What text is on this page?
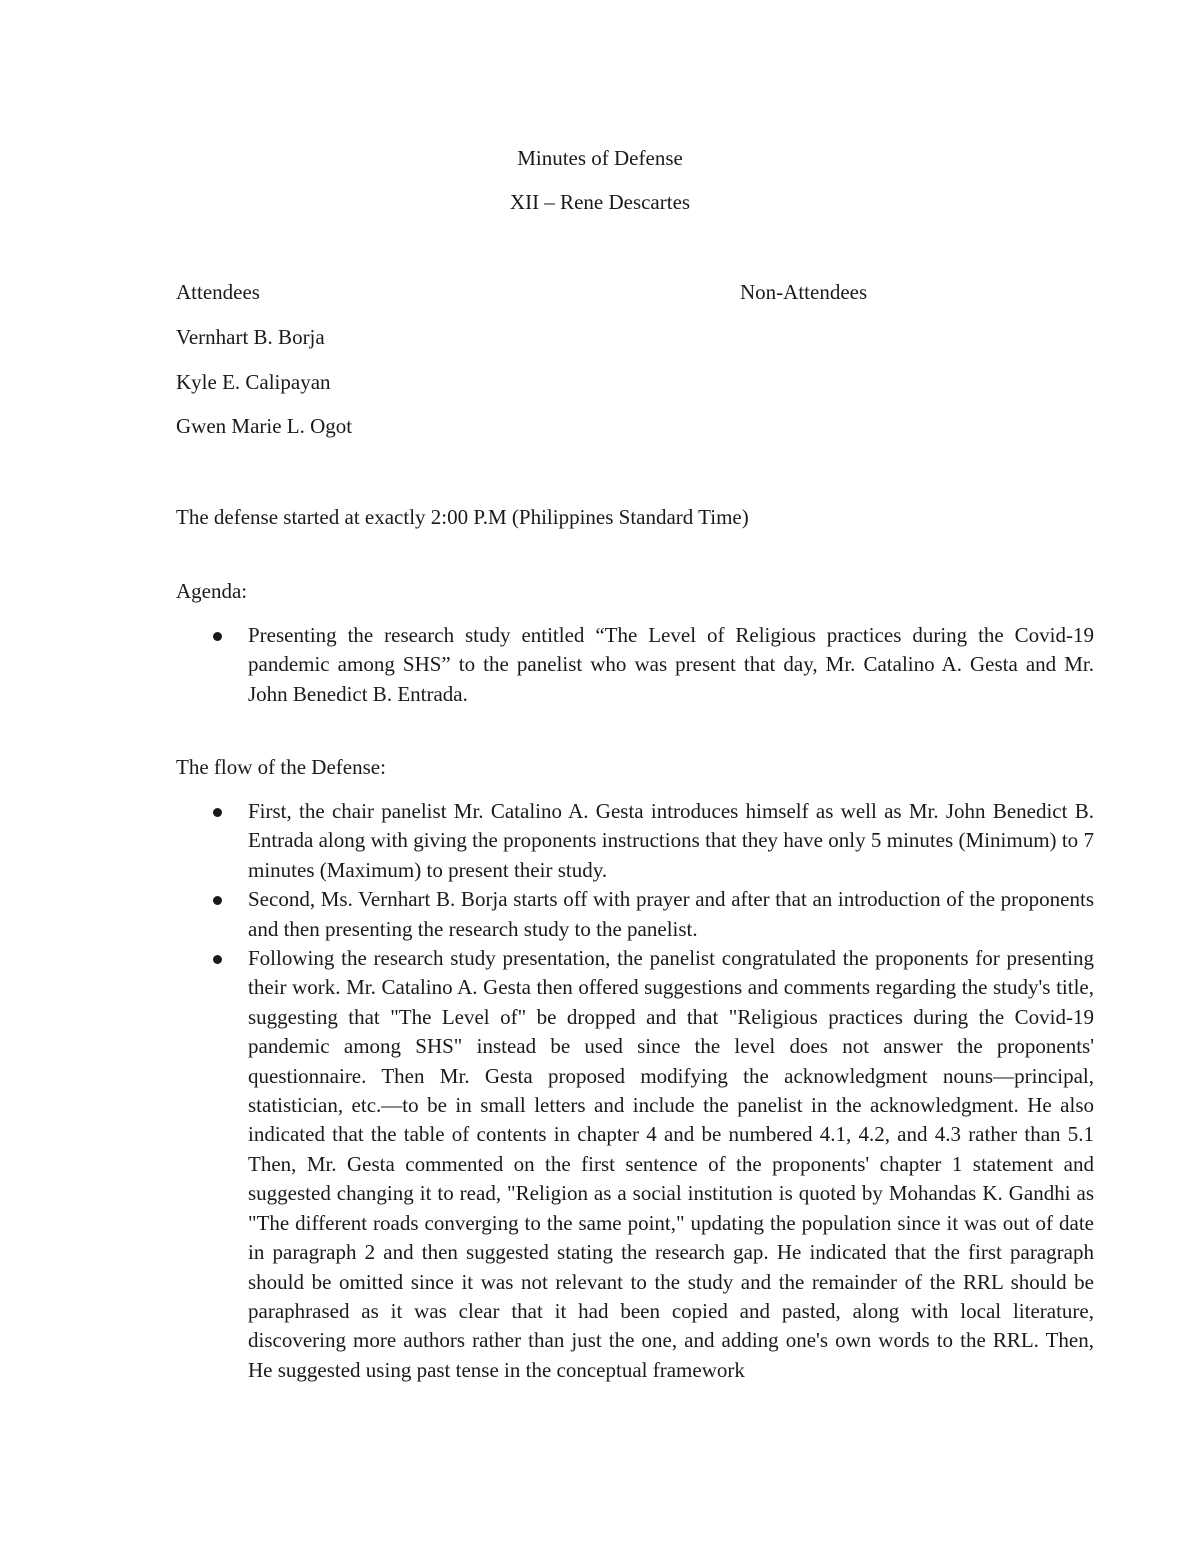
Minutes of Defense
XII – Rene Descartes
Attendees	Non-Attendees
Vernhart B. Borja
Kyle E. Calipayan
Gwen Marie L. Ogot
The defense started at exactly 2:00 P.M (Philippines Standard Time)
Agenda:
Presenting the research study entitled “The Level of Religious practices during the Covid-19 pandemic among SHS” to the panelist who was present that day, Mr. Catalino A. Gesta and Mr. John Benedict B. Entrada.
The flow of the Defense:
First, the chair panelist Mr. Catalino A. Gesta introduces himself as well as Mr. John Benedict B. Entrada along with giving the proponents instructions that they have only 5 minutes (Minimum) to 7 minutes (Maximum) to present their study.
Second, Ms. Vernhart B. Borja starts off with prayer and after that an introduction of the proponents and then presenting the research study to the panelist.
Following the research study presentation, the panelist congratulated the proponents for presenting their work. Mr. Catalino A. Gesta then offered suggestions and comments regarding the study's title, suggesting that "The Level of" be dropped and that "Religious practices during the Covid-19 pandemic among SHS" instead be used since the level does not answer the proponents' questionnaire. Then Mr. Gesta proposed modifying the acknowledgment nouns—principal, statistician, etc.—to be in small letters and include the panelist in the acknowledgment. He also indicated that the table of contents in chapter 4 and be numbered 4.1, 4.2, and 4.3 rather than 5.1 Then, Mr. Gesta commented on the first sentence of the proponents' chapter 1 statement and suggested changing it to read, "Religion as a social institution is quoted by Mohandas K. Gandhi as "The different roads converging to the same point," updating the population since it was out of date in paragraph 2 and then suggested stating the research gap. He indicated that the first paragraph should be omitted since it was not relevant to the study and the remainder of the RRL should be paraphrased as it was clear that it had been copied and pasted, along with local literature, discovering more authors rather than just the one, and adding one's own words to the RRL. Then, He suggested using past tense in the conceptual framework
